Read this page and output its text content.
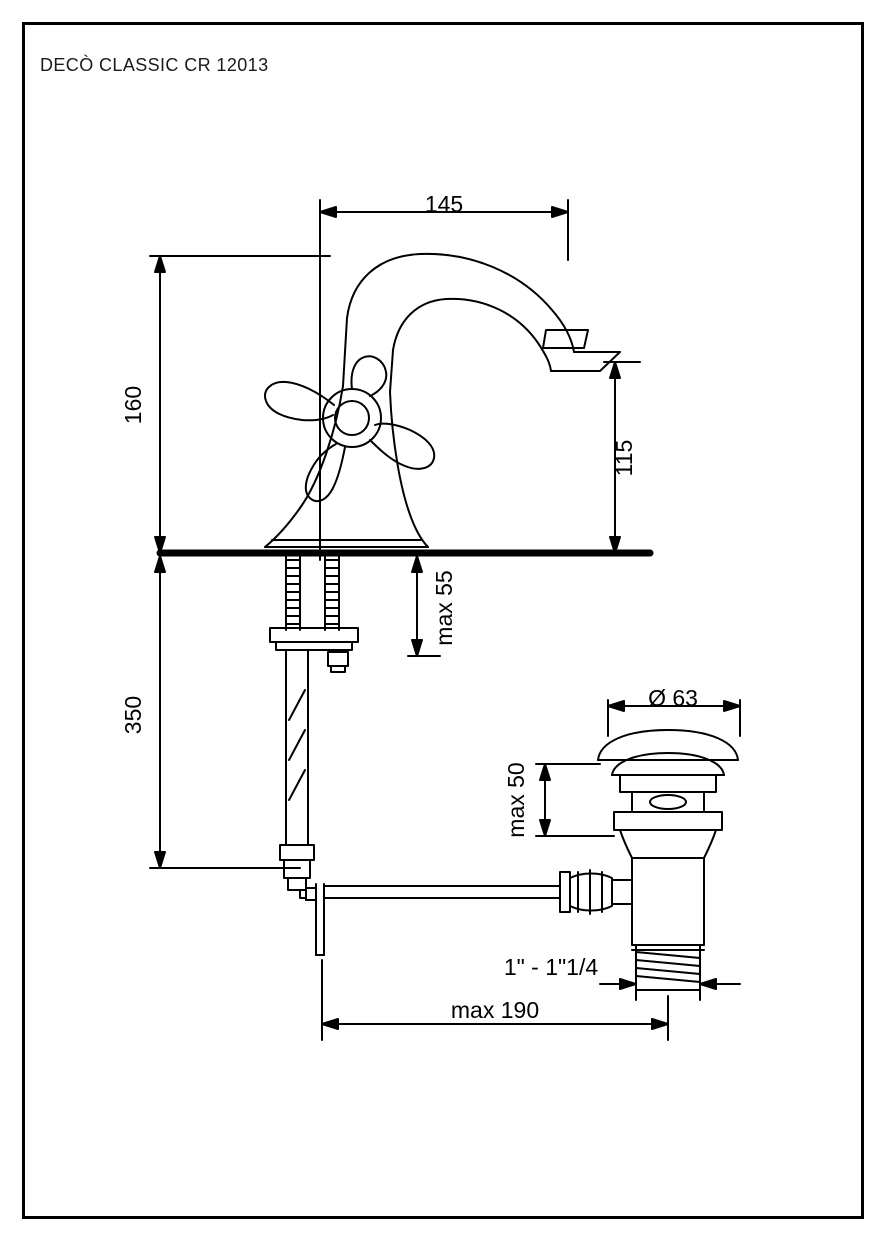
DECÒ CLASSIC CR 12013
145
160
115
max 55
350	Ø 63
max 50
1" - 1"1/4
max 190
